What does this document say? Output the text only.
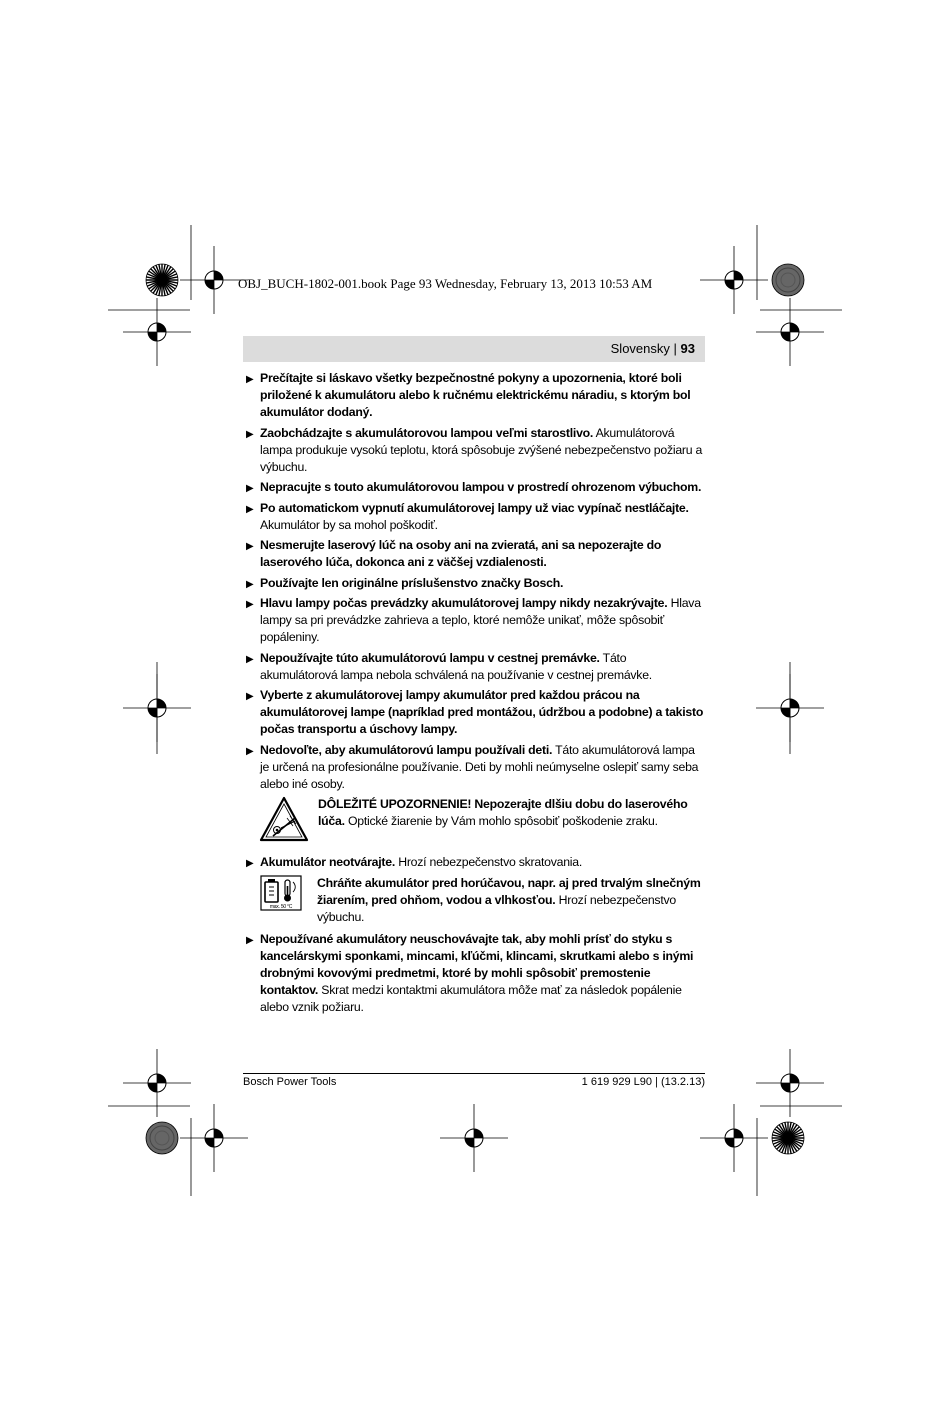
OBJ_BUCH-1802-001.book Page 93 Wednesday, February 13, 2013 10:53 AM
Slovensky | 93
▶ Prečítajte si láskavo všetky bezpečnostné pokyny a upozornenia, ktoré boli priložené k akumulátoru alebo k ručnému elektrickému náradiu, s ktorým bol akumulátor dodaný.
▶ Zaobchádzajte s akumulátorovou lampou veľmi starostlivo. Akumulátorová lampa produkuje vysokú teplotu, ktorá spôsobuje zvýšené nebezpečenstvo požiaru a výbuchu.
▶ Nepracujte s touto akumulátorovou lampou v prostredí ohrozenom výbuchom.
▶ Po automatickom vypnutí akumulátorovej lampy už viac vypínač nestláčajte. Akumulátor by sa mohol poškodiť.
▶ Nesmerujte laserový lúč na osoby ani na zvieratá, ani sa nepozerajte do laserového lúča, dokonca ani z väčšej vzdialenosti.
▶ Používajte len originálne príslušenstvo značky Bosch.
▶ Hlavu lampy počas prevádzky akumulátorovej lampy nikdy nezakrývajte. Hlava lampy sa pri prevádzke zahrieva a teplo, ktoré nemôže unikať, môže spôsobiť popáleniny.
▶ Nepoužívajte túto akumulátorovú lampu v cestnej premávke. Táto akumulátorová lampa nebola schválená na používanie v cestnej premávke.
▶ Vyberte z akumulátorovej lampy akumulátor pred každou prácou na akumulátorovej lampe (napríklad pred montážou, údržbou a podobne) a takisto počas transportu a úschovy lampy.
▶ Nedovoľte, aby akumulátorovú lampu používali deti. Táto akumulátorová lampa je určená na profesionálne používanie. Deti by mohli neúmyselne oslepiť samy seba alebo iné osoby.
DÔLEŽITÉ UPOZORNENIE! Nepozerajte dlšiu dobu do laserového lúča. Optické žiarenie by Vám mohlo spôsobiť poškodenie zraku.
▶ Akumulátor neotvárajte. Hrozí nebezpečenstvo skratovania.
max. 50 °C
Chráňte akumulátor pred horúčavou, napr. aj pred trvalým slnečným žiarením, pred ohňom, vodou a vlhkosťou. Hrozí nebezpečenstvo výbuchu.
▶ Nepoužívané akumulátory neuschovávajte tak, aby mohli prísť do styku s kancelárskymi sponkami, mincami, kľúčmi, klincami, skrutkami alebo s inými drobnými kovovými predmetmi, ktoré by mohli spôsobiť premostenie kontaktov. Skrat medzi kontaktmi akumulátora môže mať za následok popálenie alebo vznik požiaru.
Bosch Power Tools	1 619 929 L90 | (13.2.13)
